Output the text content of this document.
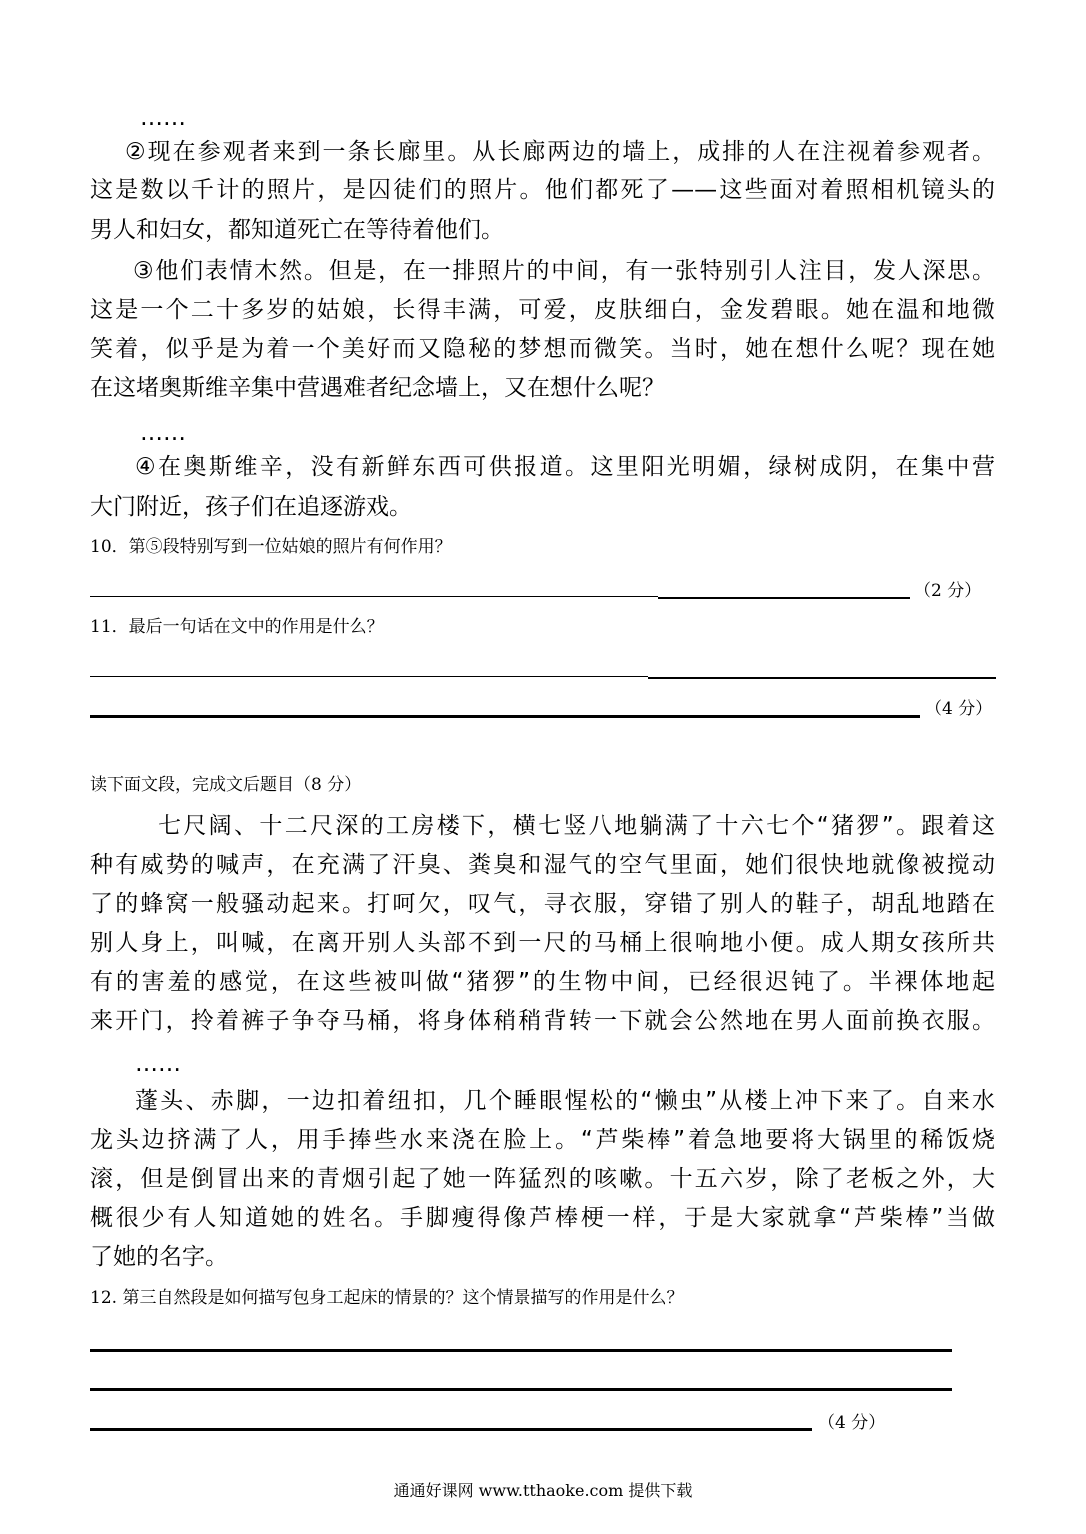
……
②现在参观者来到一条长廊里。从长廊两边的墙上，成排的人在注视着参观者。
这是数以千计的照片，是囚徒们的照片。他们都死了——这些面对着照相机镜头的
男人和妇女，都知道死亡在等待着他们。
③他们表情木然。但是，在一排照片的中间，有一张特别引人注目，发人深思。
这是一个二十多岁的姑娘，长得丰满，可爱，皮肤细白，金发碧眼。她在温和地微
笑着，似乎是为着一个美好而又隐秘的梦想而微笑。当时，她在想什么呢？现在她
在这堵奥斯维辛集中营遇难者纪念墙上，又在想什么呢？
……
④在奥斯维辛，没有新鲜东西可供报道。这里阳光明媚，绿树成阴，在集中营
大门附近，孩子们在追逐游戏。
10．第⑤段特别写到一位姑娘的照片有何作用？
（2 分）
11．最后一句话在文中的作用是什么？
（4 分）
读下面文段，完成文后题目（8 分）
七尺阔、十二尺深的工房楼下，横七竖八地躺满了十六七个“猪猡”。跟着这
种有威势的喊声，在充满了汗臭、粪臭和湿气的空气里面，她们很快地就像被搅动
了的蜂窝一般骚动起来。打呵欠，叹气，寻衣服，穿错了别人的鞋子，胡乱地踏在
别人身上，叫喊，在离开别人头部不到一尺的马桶上很响地小便。成人期女孩所共
有的害羞的感觉，在这些被叫做“猪猡”的生物中间，已经很迟钝了。半裸体地起
来开门，拎着裤子争夺马桶，将身体稍稍背转一下就会公然地在男人面前换衣服。
……
蓬头、赤脚，一边扣着纽扣，几个睡眼惺松的“懒虫”从楼上冲下来了。自来水
龙头边挤满了人，用手捧些水来浇在脸上。“芦柴棒”着急地要将大锅里的稀饭烧
滚，但是倒冒出来的青烟引起了她一阵猛烈的咳嗽。十五六岁，除了老板之外，大
概很少有人知道她的姓名。手脚瘦得像芦棒梗一样，于是大家就拿“芦柴棒”当做
了她的名字。
12. 第三自然段是如何描写包身工起床的情景的？这个情景描写的作用是什么？
（4 分）
通通好课网 www.tthaoke.com 提供下载
